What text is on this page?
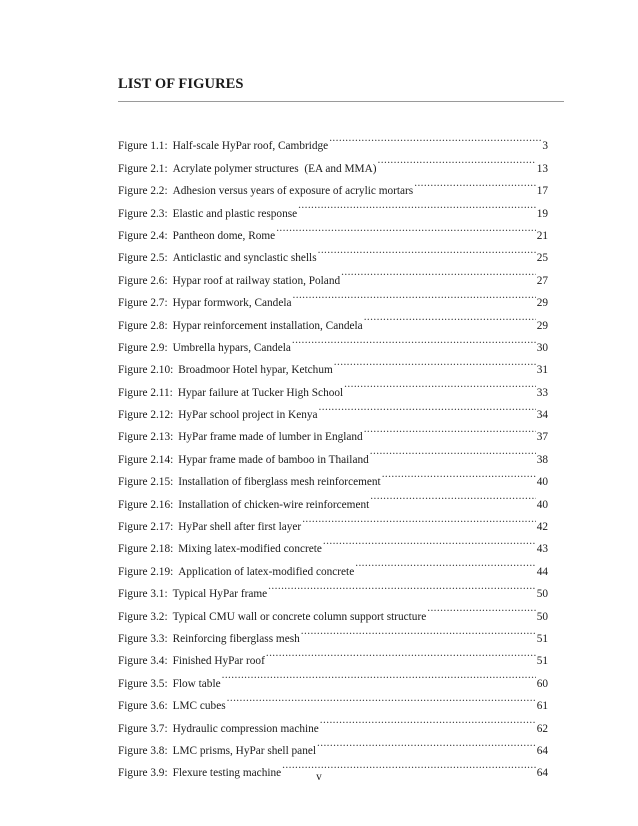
LIST OF FIGURES
Figure 1.1: Half-scale HyPar roof, Cambridge .....	3
Figure 2.1: Acrylate polymer structures  (EA and MMA) .....	13
Figure 2.2: Adhesion versus years of exposure of acrylic mortars .....	17
Figure 2.3: Elastic and plastic response .....	19
Figure 2.4: Pantheon dome, Rome .....	21
Figure 2.5: Anticlastic and synclastic shells .....	25
Figure 2.6: Hypar roof at railway station, Poland .....	27
Figure 2.7: Hypar formwork, Candela .....	29
Figure 2.8: Hypar reinforcement installation, Candela .....	29
Figure 2.9: Umbrella hypars, Candela .....	30
Figure 2.10: Broadmoor Hotel hypar, Ketchum .....	31
Figure 2.11: Hypar failure at Tucker High School .....	33
Figure 2.12: HyPar school project in Kenya .....	34
Figure 2.13: HyPar frame made of lumber in England .....	37
Figure 2.14: Hypar frame made of bamboo in Thailand .....	38
Figure 2.15: Installation of fiberglass mesh reinforcement .....	40
Figure 2.16: Installation of chicken-wire reinforcement .....	40
Figure 2.17: HyPar shell after first layer .....	42
Figure 2.18: Mixing latex-modified concrete .....	43
Figure 2.19: Application of latex-modified concrete .....	44
Figure 3.1: Typical HyPar frame .....	50
Figure 3.2: Typical CMU wall or concrete column support structure .....	50
Figure 3.3: Reinforcing fiberglass mesh .....	51
Figure 3.4: Finished HyPar roof .....	51
Figure 3.5: Flow table .....	60
Figure 3.6: LMC cubes .....	61
Figure 3.7: Hydraulic compression machine .....	62
Figure 3.8: LMC prisms, HyPar shell panel .....	64
Figure 3.9: Flexure testing machine .....	64
v
